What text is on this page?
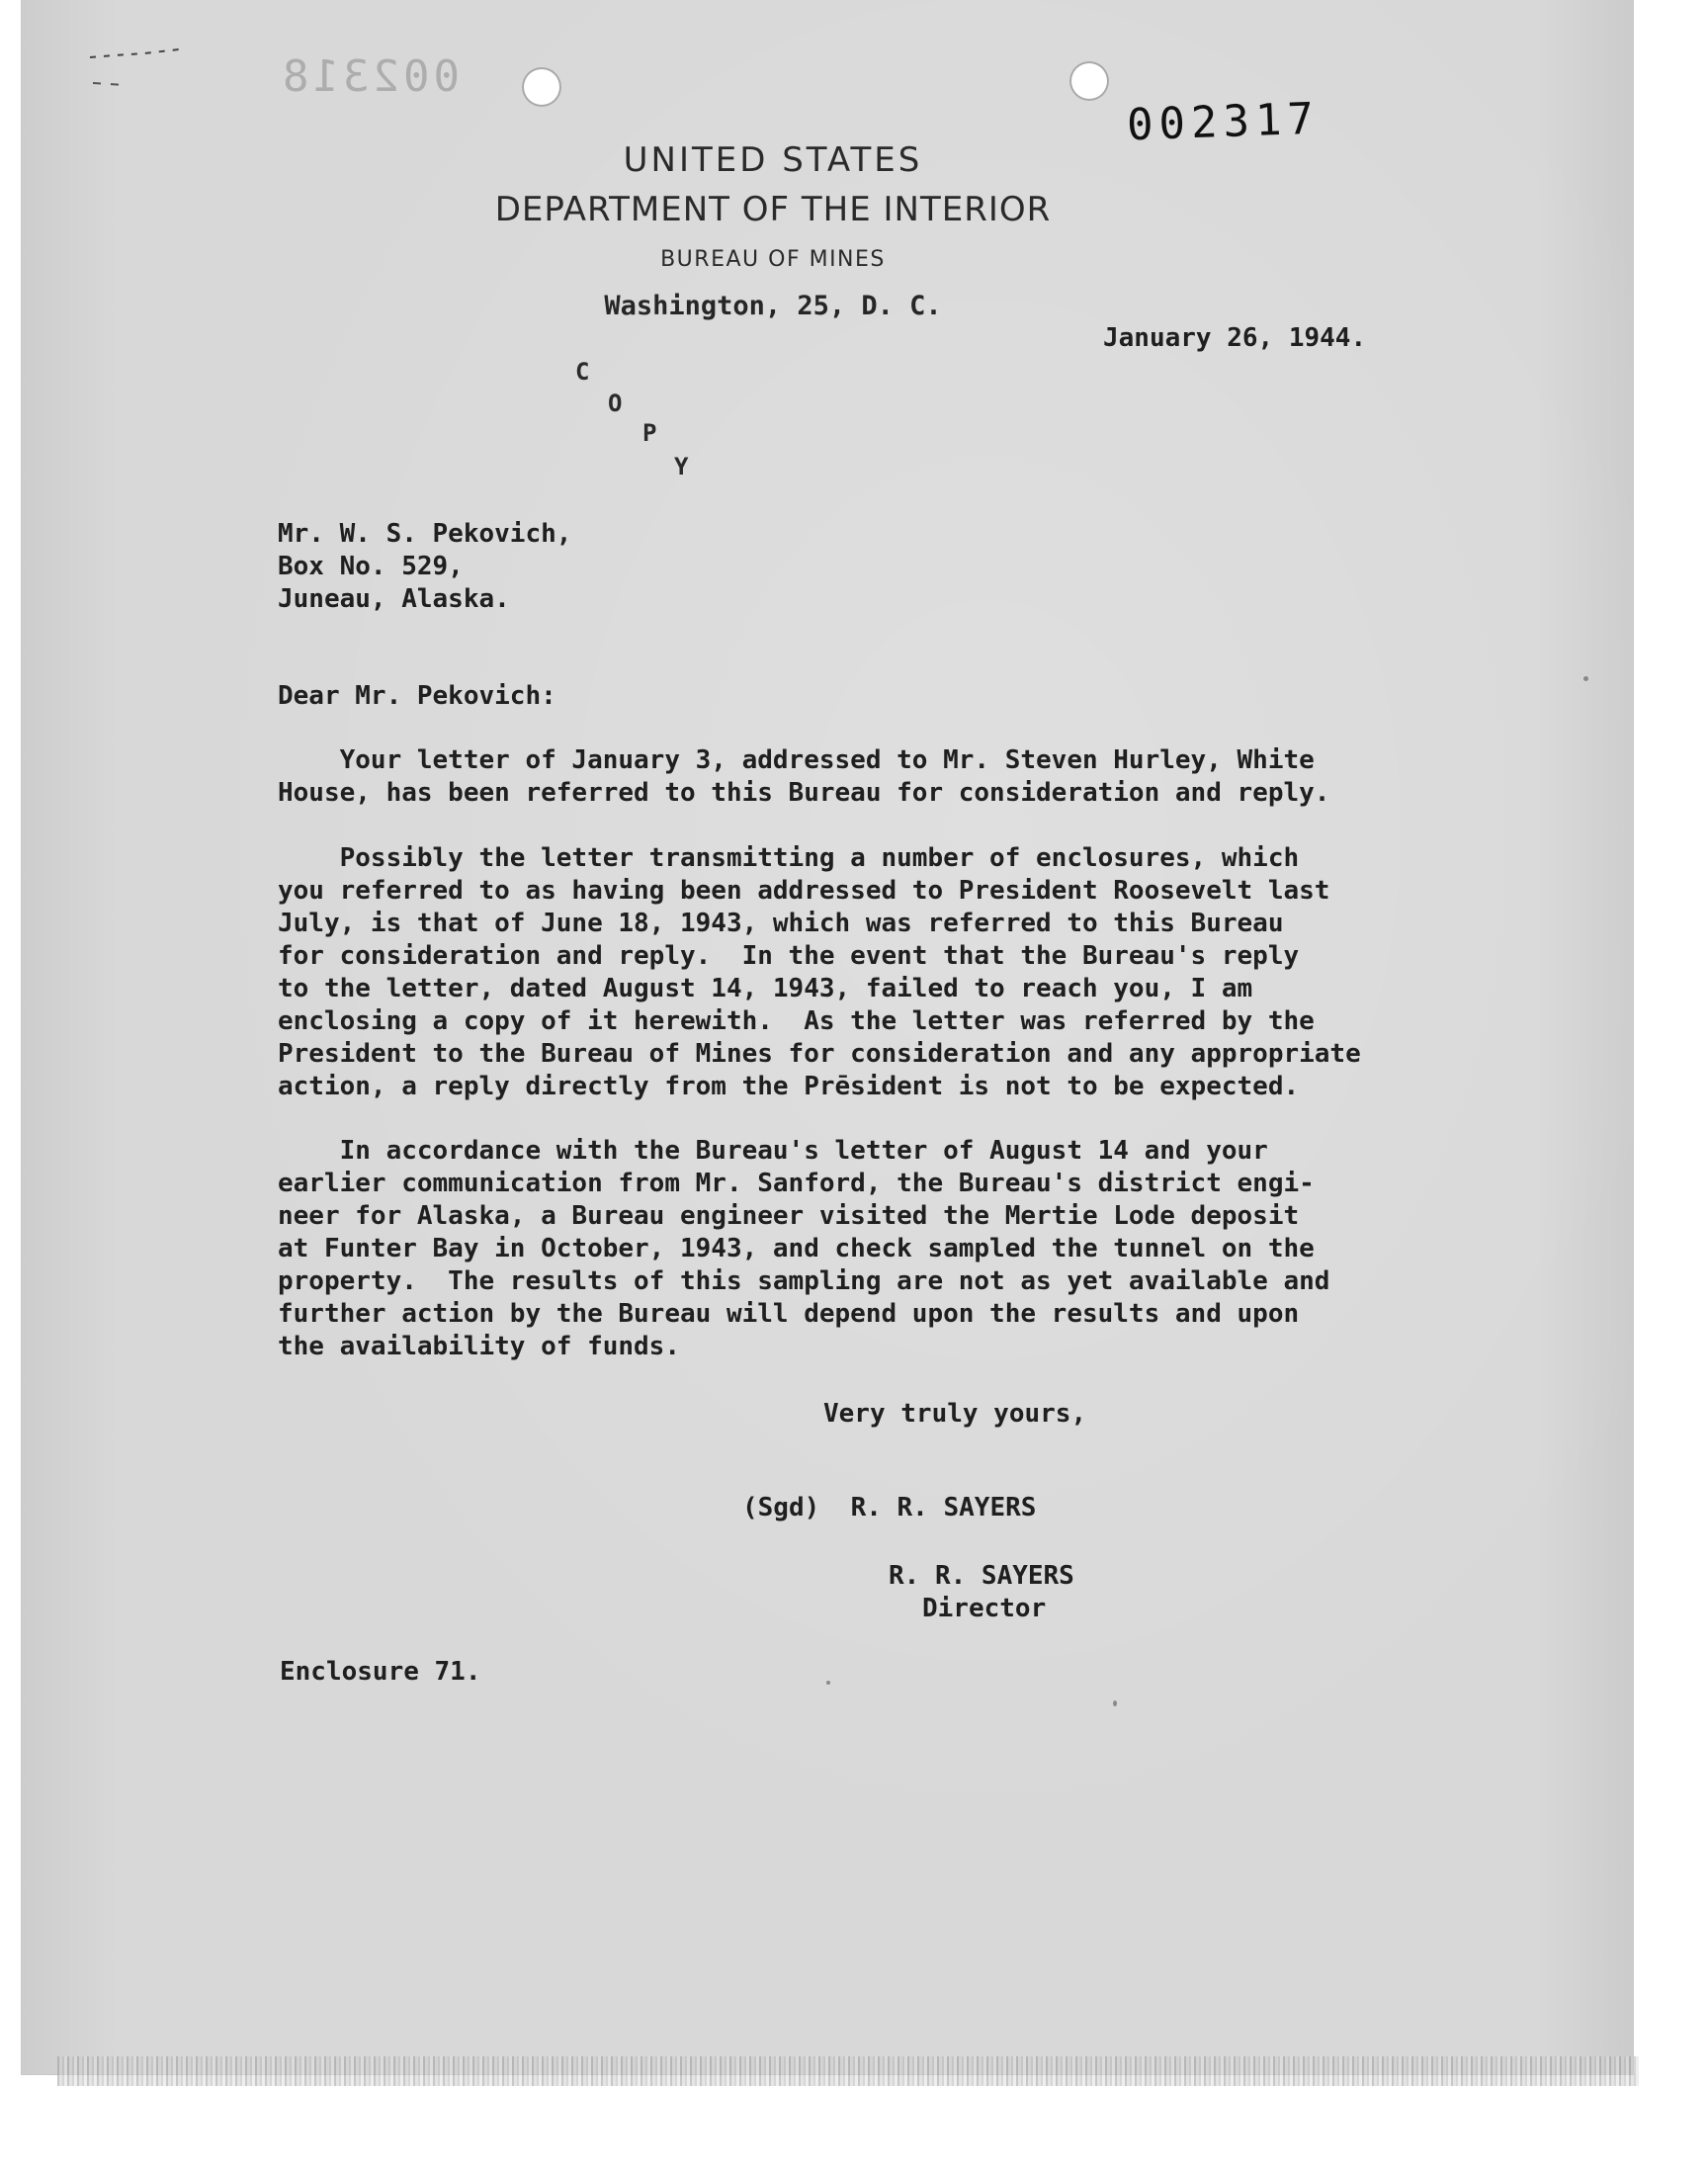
002318
002317
UNITED STATES
DEPARTMENT OF THE INTERIOR
BUREAU OF MINES
Washington, 25, D. C.
January 26, 1944.
C
O
P
Y
Mr. W. S. Pekovich,
Box No. 529,
Juneau, Alaska.
Dear Mr. Pekovich:
Your letter of January 3, addressed to Mr. Steven Hurley, White
House, has been referred to this Bureau for consideration and reply.
Possibly the letter transmitting a number of enclosures, which
you referred to as having been addressed to President Roosevelt last
July, is that of June 18, 1943, which was referred to this Bureau
for consideration and reply.  In the event that the Bureau's reply
to the letter, dated August 14, 1943, failed to reach you, I am
enclosing a copy of it herewith.  As the letter was referred by the
President to the Bureau of Mines for consideration and any appropriate
action, a reply directly from the Prēsident is not to be expected.
In accordance with the Bureau's letter of August 14 and your
earlier communication from Mr. Sanford, the Bureau's district engi-
neer for Alaska, a Bureau engineer visited the Mertie Lode deposit
at Funter Bay in October, 1943, and check sampled the tunnel on the
property.  The results of this sampling are not as yet available and
further action by the Bureau will depend upon the results and upon
the availability of funds.
Very truly yours,
(Sgd)  R. R. SAYERS
R. R. SAYERS
Director
Enclosure 71.
